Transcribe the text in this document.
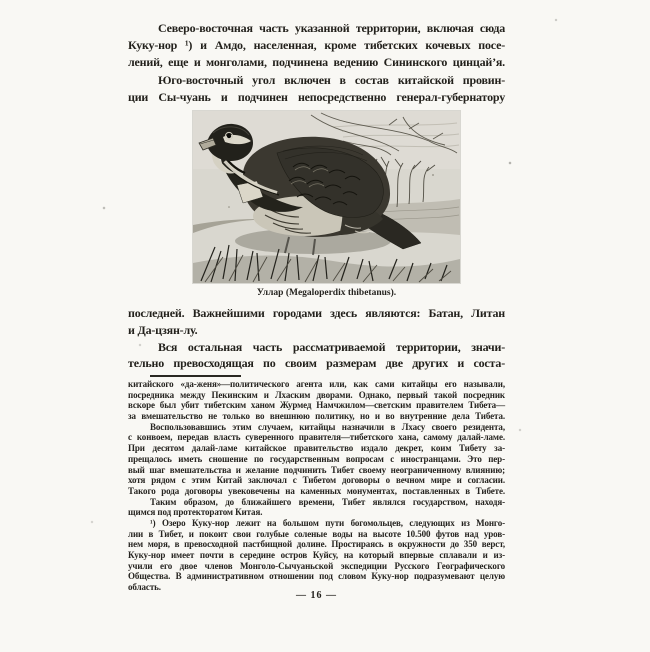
Северо-восточная часть указанной территории, включая сюда
Куку-нор ¹) и Амдо, населенная, кроме тибетских кочевых посе-
лений, еще и монголами, подчинена ведению Сининского цинцай’я.
Юго-восточный угол включен в состав китайской провин-
ции Сы-чуань и подчинен непосредственно генерал-губернатору
Уллар (Megaloperdix thibetanus).
последней. Важнейшими городами здесь являются: Батан, Литан
и Да-цзян-лу.
Вся остальная часть рассматриваемой территории, значи-
тельно превосходящая по своим размерам две других и соста-
китайского «да-женя»—политического агента или, как сами китайцы его называли,
посредника между Пекинским и Лхаским дворами. Однако, первый такой посредник
вскоре был убит тибетским ханом Журмед Намчжилом—светским правителем Тибета—
за вмешательство не только во внешнюю политику, но и во внутренние дела Тибета.
Воспользовавшись этим случаем, китайцы назначили в Лхасу своего резидента,
с конвоем, передав власть суверенного правителя—тибетского хана, самому далай-ламе.
При десятом далай-ламе китайское правительство издало декрет, коим Тибету за-
прещалось иметь сношение по государственным вопросам с иностранцами. Это пер-
вый шаг вмешательства и желание подчинить Тибет своему неограниченному влиянию;
хотя рядом с этим Китай заключал с Тибетом договоры о вечном мире и согласии.
Такого рода договоры увековечены на каменных монументах, поставленных в Тибете.
Таким образом, до ближайшего времени, Тибет являлся государством, находя-
щимся под протекторатом Китая.
¹) Озеро Куку-нор лежит на большом пути богомольцев, следующих из Монго-
лии в Тибет, и покоит свои голубые соленые воды на высоте 10.500 футов над уров-
нем моря, в превосходной пастбищной долине. Простираясь в окружности до 350 верст,
Куку-нор имеет почти в середине остров Куйсу, на который впервые сплавали и из-
учили его двое членов Монголо-Сычуаньской экспедиции Русского Географического
Общества. В административном отношении под словом Куку-нор подразумевают целую
область.
— 16 —
